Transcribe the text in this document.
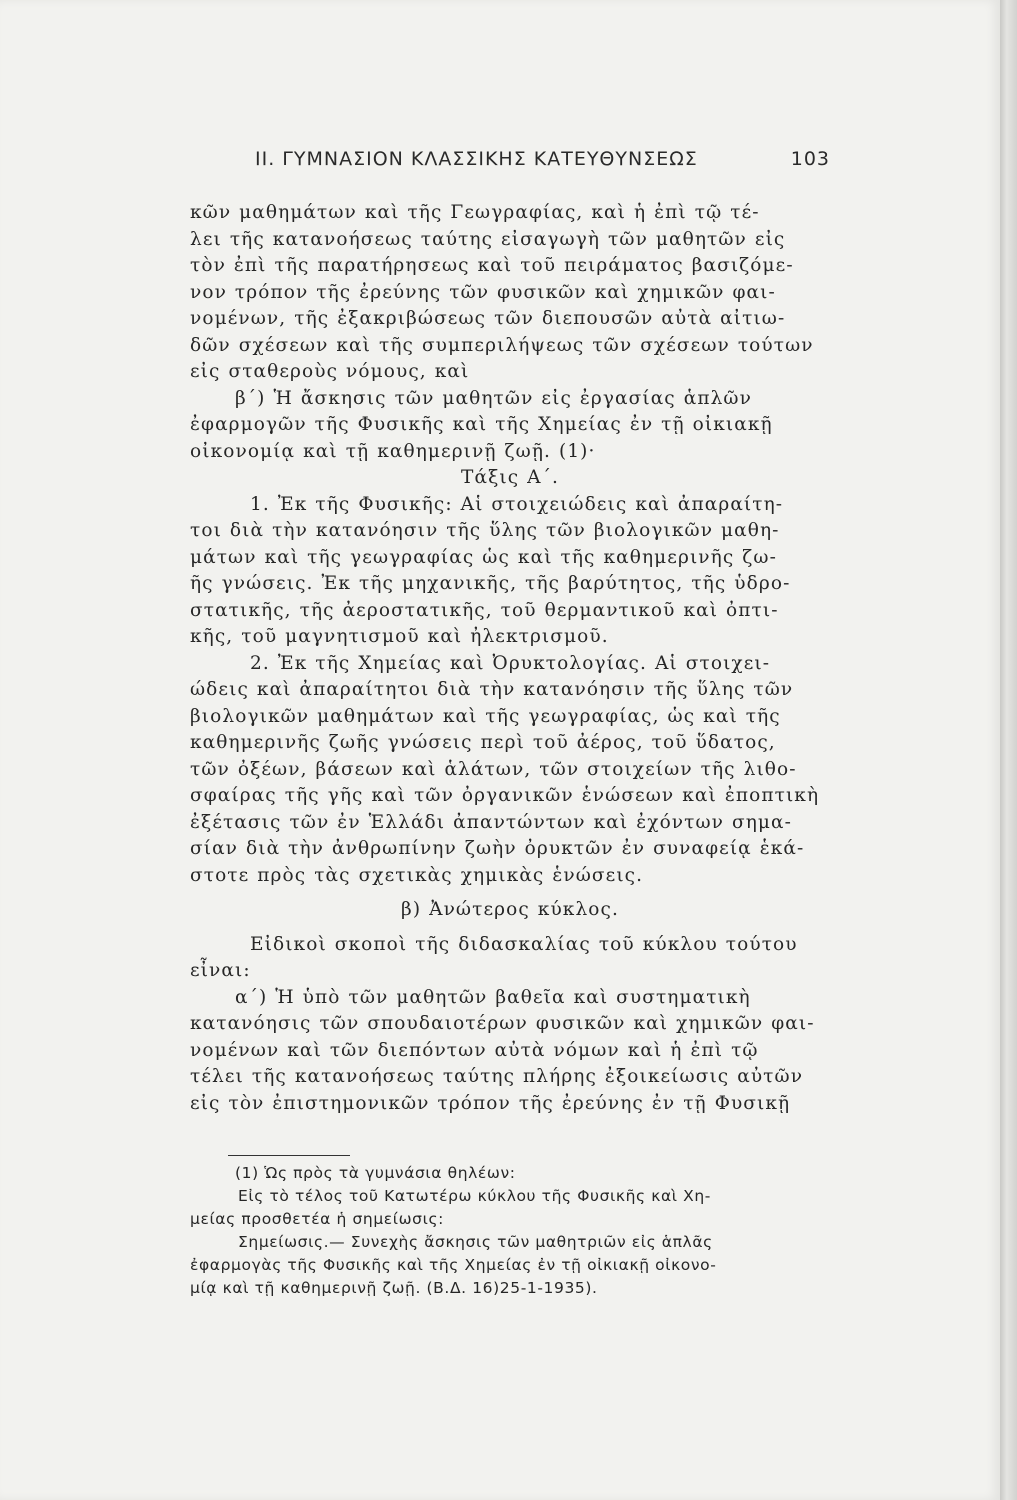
ΙΙ. ΓΥΜΝΑΣΙΟΝ ΚΛΑΣΣΙΚΗΣ ΚΑΤΕΥΘΥΝΣΕΩΣ	103
κῶν μαθημάτων καὶ τῆς Γεωγραφίας, καὶ ἡ ἐπὶ τῷ τέ-
λει τῆς κατανοήσεως ταύτης εἰσαγωγὴ τῶν μαθητῶν εἰς
τὸν ἐπὶ τῆς παρατήρησεως καὶ τοῦ πειράματος βασιζόμε-
νον τρόπον τῆς ἐρεύνης τῶν φυσικῶν καὶ χημικῶν φαι-
νομένων, τῆς ἐξακριβώσεως τῶν διεπουσῶν αὐτὰ αἰτιω-
δῶν σχέσεων καὶ τῆς συμπεριλήψεως τῶν σχέσεων τούτων
εἰς σταθεροὺς νόμους, καὶ
β΄) Ἡ ἄσκησις τῶν μαθητῶν εἰς ἐργασίας ἁπλῶν
ἐφαρμογῶν τῆς Φυσικῆς καὶ τῆς Χημείας ἐν τῇ οἰκιακῇ
οἰκονομίᾳ καὶ τῇ καθημερινῇ ζωῇ. (1)·
Τάξις Α΄.
1. Ἐκ τῆς Φυσικῆς: Αἱ στοιχειώδεις καὶ ἀπαραίτη-
τοι διὰ τὴν κατανόησιν τῆς ὕλης τῶν βιολογικῶν μαθη-
μάτων καὶ τῆς γεωγραφίας ὡς καὶ τῆς καθημερινῆς ζω-
ῆς γνώσεις. Ἐκ τῆς μηχανικῆς, τῆς βαρύτητος, τῆς ὑδρο-
στατικῆς, τῆς ἀεροστατικῆς, τοῦ θερμαντικοῦ καὶ ὀπτι-
κῆς, τοῦ μαγνητισμοῦ καὶ ἠλεκτρισμοῦ.
2. Ἐκ τῆς Χημείας καὶ Ὀρυκτολογίας. Αἱ στοιχει-
ώδεις καὶ ἀπαραίτητοι διὰ τὴν κατανόησιν τῆς ὕλης τῶν
βιολογικῶν μαθημάτων καὶ τῆς γεωγραφίας, ὡς καὶ τῆς
καθημερινῆς ζωῆς γνώσεις περὶ τοῦ ἀέρος, τοῦ ὕδατος,
τῶν ὀξέων, βάσεων καὶ ἁλάτων, τῶν στοιχείων τῆς λιθο-
σφαίρας τῆς γῆς καὶ τῶν ὀργανικῶν ἑνώσεων καὶ ἐποπτικὴ
ἐξέτασις τῶν ἐν Ἑλλάδι ἀπαντώντων καὶ ἐχόντων σημα-
σίαν διὰ τὴν ἀνθρωπίνην ζωὴν ὀρυκτῶν ἐν συναφείᾳ ἑκά-
στοτε πρὸς τὰς σχετικὰς χημικὰς ἑνώσεις.
β) Ἀνώτερος κύκλος.
Εἰδικοὶ σκοποὶ τῆς διδασκαλίας τοῦ κύκλου τούτου
εἶναι:
α΄) Ἡ ὑπὸ τῶν μαθητῶν βαθεῖα καὶ συστηματικὴ
κατανόησις τῶν σπουδαιοτέρων φυσικῶν καὶ χημικῶν φαι-
νομένων καὶ τῶν διεπόντων αὐτὰ νόμων καὶ ἡ ἐπὶ τῷ
τέλει τῆς κατανοήσεως ταύτης πλήρης ἐξοικείωσις αὐτῶν
εἰς τὸν ἐπιστημονικῶν τρόπον τῆς ἐρεύνης ἐν τῇ Φυσικῇ
(1) Ὡς πρὸς τὰ γυμνάσια θηλέων:
Εἰς τὸ τέλος τοῦ Κατωτέρω κύκλου τῆς Φυσικῆς καὶ Χη-
μείας προσθετέα ἡ σημείωσις:
Σημείωσις.— Συνεχὴς ἄσκησις τῶν μαθητριῶν εἰς ἁπλᾶς
ἐφαρμογὰς τῆς Φυσικῆς καὶ τῆς Χημείας ἐν τῇ οἰκιακῇ οἰκονο-
μίᾳ καὶ τῇ καθημερινῇ ζωῇ. (Β.Δ. 16)25-1-1935).
